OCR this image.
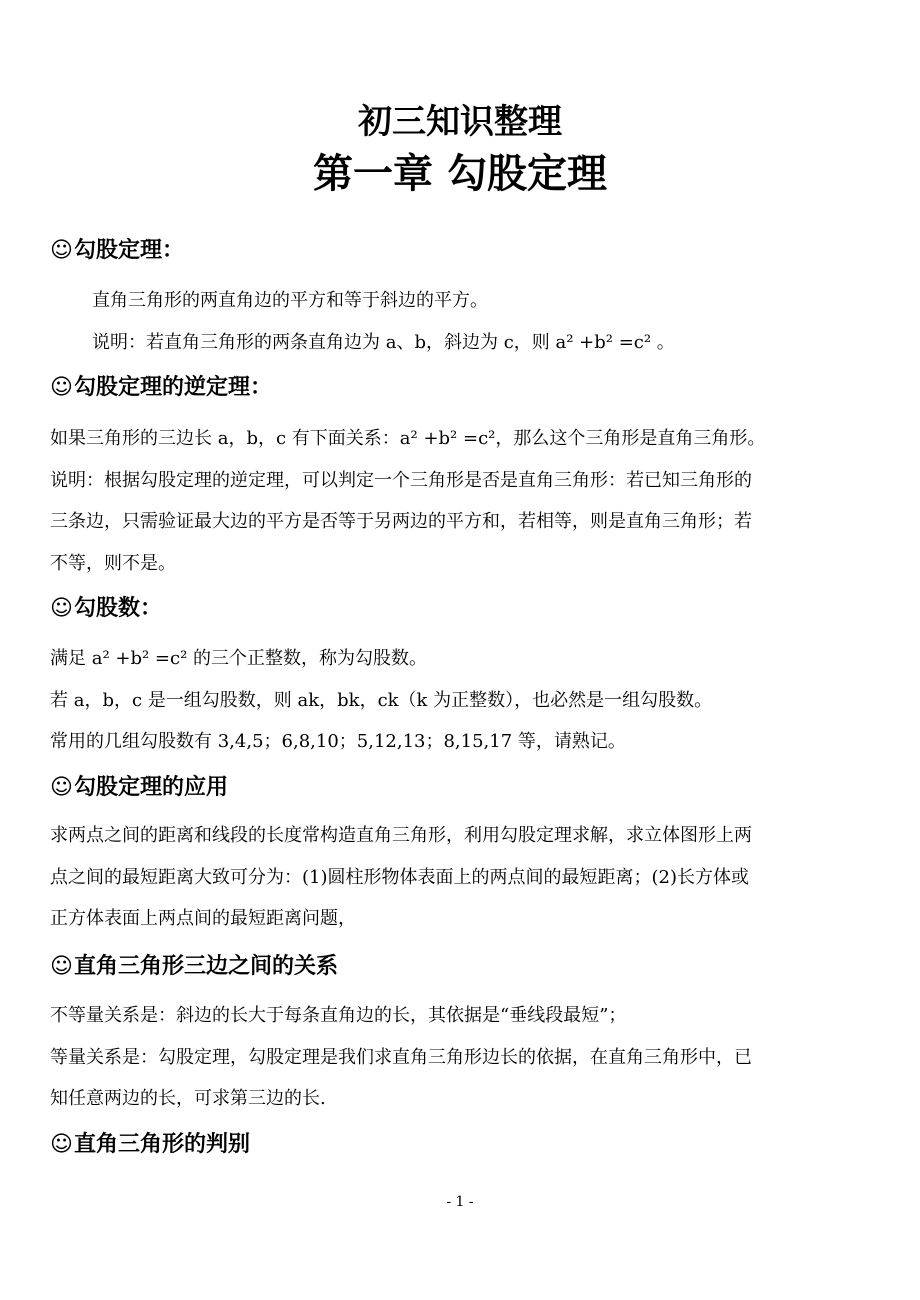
初三知识整理
第一章 勾股定理
☺勾股定理：
直角三角形的两直角边的平方和等于斜边的平方。
说明：若直角三角形的两条直角边为 a、b，斜边为 c，则 a² +b² =c² 。
☺勾股定理的逆定理：
如果三角形的三边长 a，b，c 有下面关系：a² +b² =c²，那么这个三角形是直角三角形。
说明：根据勾股定理的逆定理，可以判定一个三角形是否是直角三角形：若已知三角形的
三条边，只需验证最大边的平方是否等于另两边的平方和，若相等，则是直角三角形；若
不等，则不是。
☺勾股数：
满足 a² +b² =c² 的三个正整数，称为勾股数。
若 a，b，c 是一组勾股数，则 ak，bk，ck（k 为正整数），也必然是一组勾股数。
常用的几组勾股数有 3,4,5；6,8,10；5,12,13；8,15,17 等，请熟记。
☺勾股定理的应用
求两点之间的距离和线段的长度常构造直角三角形，利用勾股定理求解，求立体图形上两
点之间的最短距离大致可分为：(1)圆柱形物体表面上的两点间的最短距离；(2)长方体或
正方体表面上两点间的最短距离问题，
☺直角三角形三边之间的关系
不等量关系是：斜边的长大于每条直角边的长，其依据是“垂线段最短”；
等量关系是：勾股定理，勾股定理是我们求直角三角形边长的依据，在直角三角形中，已
知任意两边的长，可求第三边的长.
☺直角三角形的判别
- 1 -
